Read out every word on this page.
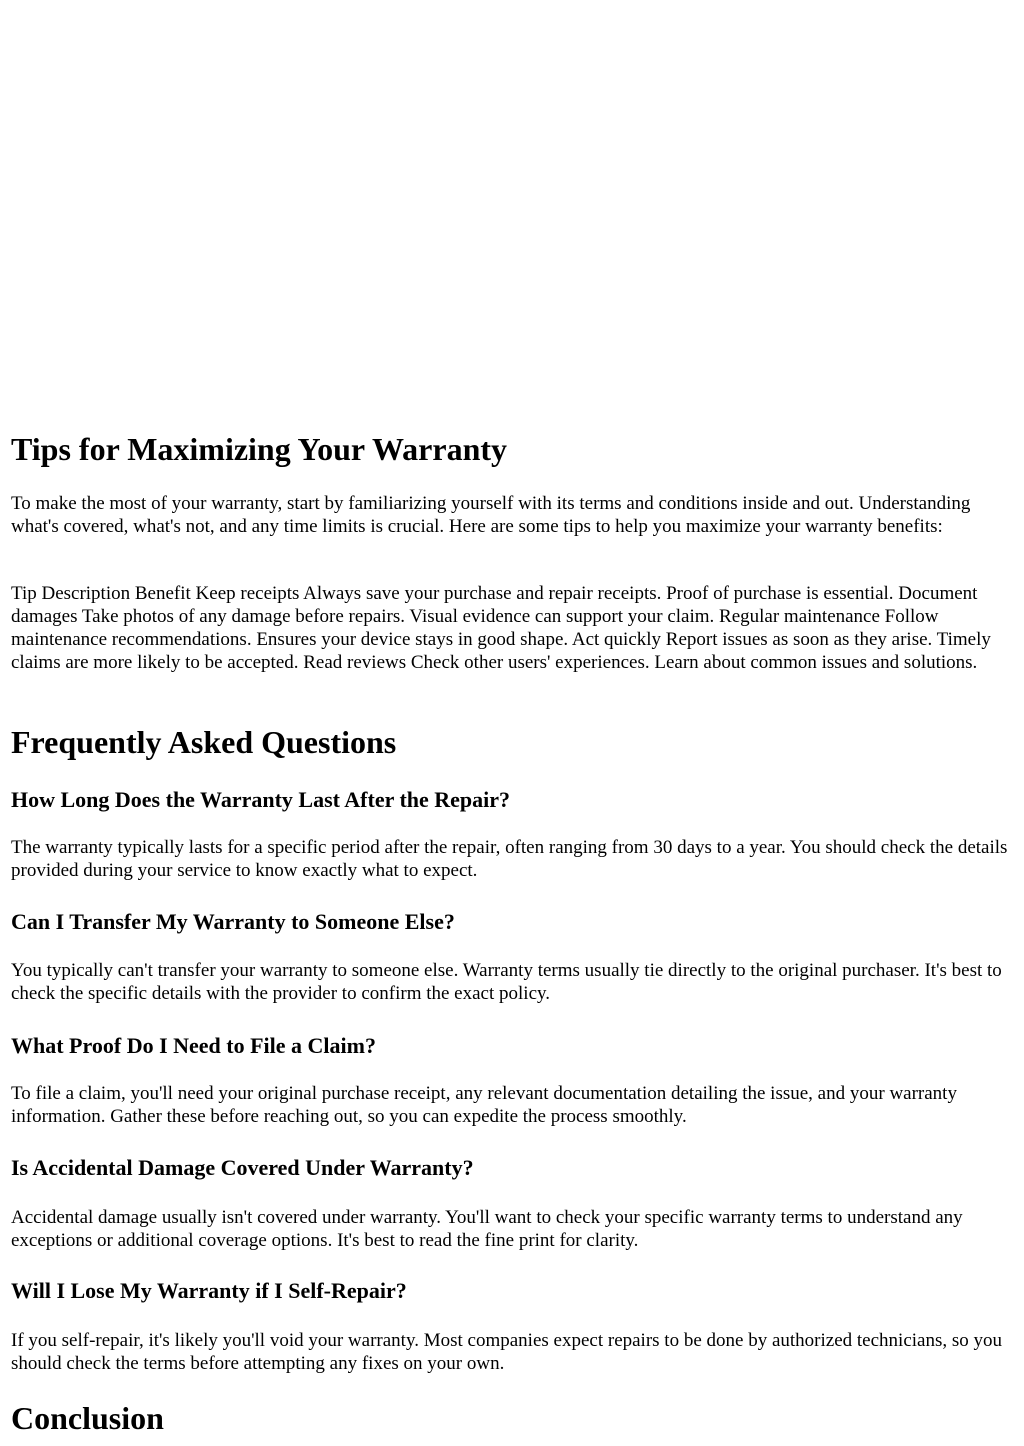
Tips for Maximizing Your Warranty

To make the most of your warranty, start by familiarizing yourself with its terms and conditions inside and out. Understanding what's covered, what's not, and any time limits is crucial. Here are some tips to help you maximize your warranty benefits:

Tip Description Benefit Keep receipts Always save your purchase and repair receipts. Proof of purchase is essential. Document damages Take photos of any damage before repairs. Visual evidence can support your claim. Regular maintenance Follow maintenance recommendations. Ensures your device stays in good shape. Act quickly Report issues as soon as they arise. Timely claims are more likely to be accepted. Read reviews Check other users' experiences. Learn about common issues and solutions.

Frequently Asked Questions
How Long Does the Warranty Last After the Repair?

The warranty typically lasts for a specific period after the repair, often ranging from 30 days to a year. You should check the details provided during your service to know exactly what to expect.

Can I Transfer My Warranty to Someone Else?

You typically can't transfer your warranty to someone else. Warranty terms usually tie directly to the original purchaser. It's best to check the specific details with the provider to confirm the exact policy.

What Proof Do I Need to File a Claim?

To file a claim, you'll need your original purchase receipt, any relevant documentation detailing the issue, and your warranty information. Gather these before reaching out, so you can expedite the process smoothly.

Is Accidental Damage Covered Under Warranty?

Accidental damage usually isn't covered under warranty. You'll want to check your specific warranty terms to understand any exceptions or additional coverage options. It's best to read the fine print for clarity.

Will I Lose My Warranty if I Self-Repair?

If you self-repair, it's likely you'll void your warranty. Most companies expect repairs to be done by authorized technicians, so you should check the terms before attempting any fixes on your own.

Conclusion
